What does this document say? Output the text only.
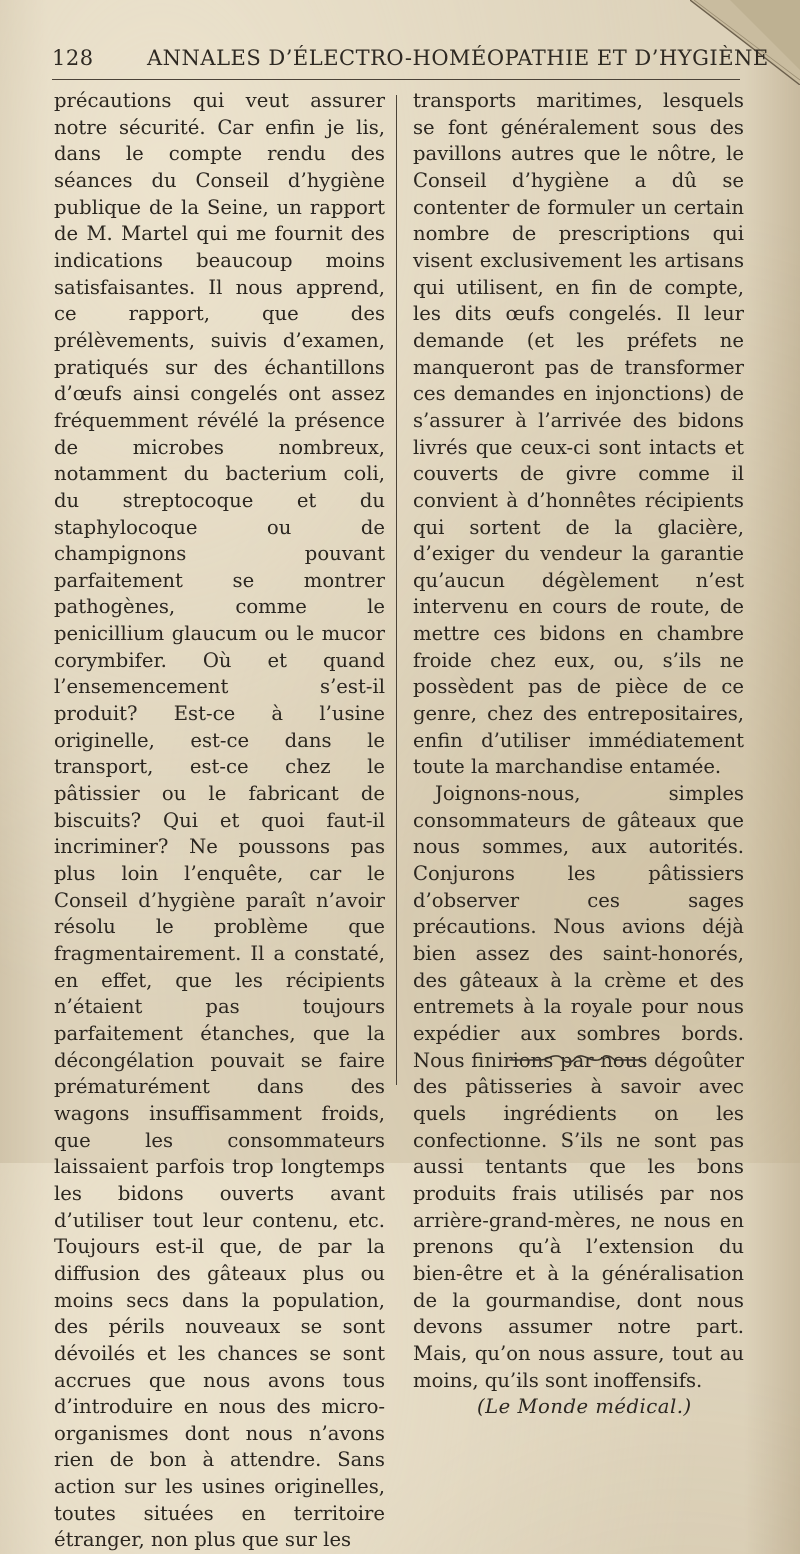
128	ANNALES D’ÉLECTRO-HOMÉOPATHIE ET D’HYGIÈNE

précautions qui veut assurer notre sécurité. Car enfin je lis, dans le compte rendu des séances du Conseil d’hygiène publique de la Seine, un rapport de M. Martel qui me fournit des indications beaucoup moins satisfaisantes. Il nous apprend, ce rapport, que des prélèvements, suivis d’examen, pratiqués sur des échantillons d’œufs ainsi congelés ont assez fréquemment révélé la présence de microbes nombreux, notamment du bacterium coli, du streptocoque et du staphylocoque ou de champignons pouvant parfaitement se montrer pathogènes, comme le penicillium glaucum ou le mucor corymbifer. Où et quand l’ensemencement s’est-il produit? Est-ce à l’usine originelle, est-ce dans le transport, est-ce chez le pâtissier ou le fabricant de biscuits? Qui et quoi faut-il incriminer? Ne poussons pas plus loin l’enquête, car le Conseil d’hygiène paraît n’avoir résolu le problème que fragmentairement. Il a constaté, en effet, que les récipients n’étaient pas toujours parfaitement étanches, que la décongélation pouvait se faire prématurément dans des wagons insuffisamment froids, que les consommateurs laissaient parfois trop longtemps les bidons ouverts avant d’utiliser tout leur contenu, etc. Toujours est-il que, de par la diffusion des gâteaux plus ou moins secs dans la population, des périls nouveaux se sont dévoilés et les chances se sont accrues que nous avons tous d’introduire en nous des micro-organismes dont nous n’avons rien de bon à attendre. Sans action sur les usines originelles, toutes situées en territoire étranger, non plus que sur les

transports maritimes, lesquels se font généralement sous des pavillons autres que le nôtre, le Conseil d’hygiène a dû se contenter de formuler un certain nombre de prescriptions qui visent exclusivement les artisans qui utilisent, en fin de compte, les dits œufs congelés. Il leur demande (et les préfets ne manqueront pas de transformer ces demandes en injonctions) de s’assurer à l’arrivée des bidons livrés que ceux-ci sont intacts et couverts de givre comme il convient à d’honnêtes récipients qui sortent de la glacière, d’exiger du vendeur la garantie qu’aucun dégèlement n’est intervenu en cours de route, de mettre ces bidons en chambre froide chez eux, ou, s’ils ne possèdent pas de pièce de ce genre, chez des entrepositaires, enfin d’utiliser immédiatement toute la marchandise entamée.

Joignons-nous, simples consommateurs de gâteaux que nous sommes, aux autorités. Conjurons les pâtissiers d’observer ces sages précautions. Nous avions déjà bien assez des saint-honorés, des gâteaux à la crème et des entremets à la royale pour nous expédier aux sombres bords. Nous finirions par nous dégoûter des pâtisseries à savoir avec quels ingrédients on les confectionne. S’ils ne sont pas aussi tentants que les bons produits frais utilisés par nos arrière-grand-mères, ne nous en prenons qu’à l’extension du bien-être et à la généralisation de la gourmandise, dont nous devons assumer notre part. Mais, qu’on nous assure, tout au moins, qu’ils sont inoffensifs.

(Le Monde médical.)
